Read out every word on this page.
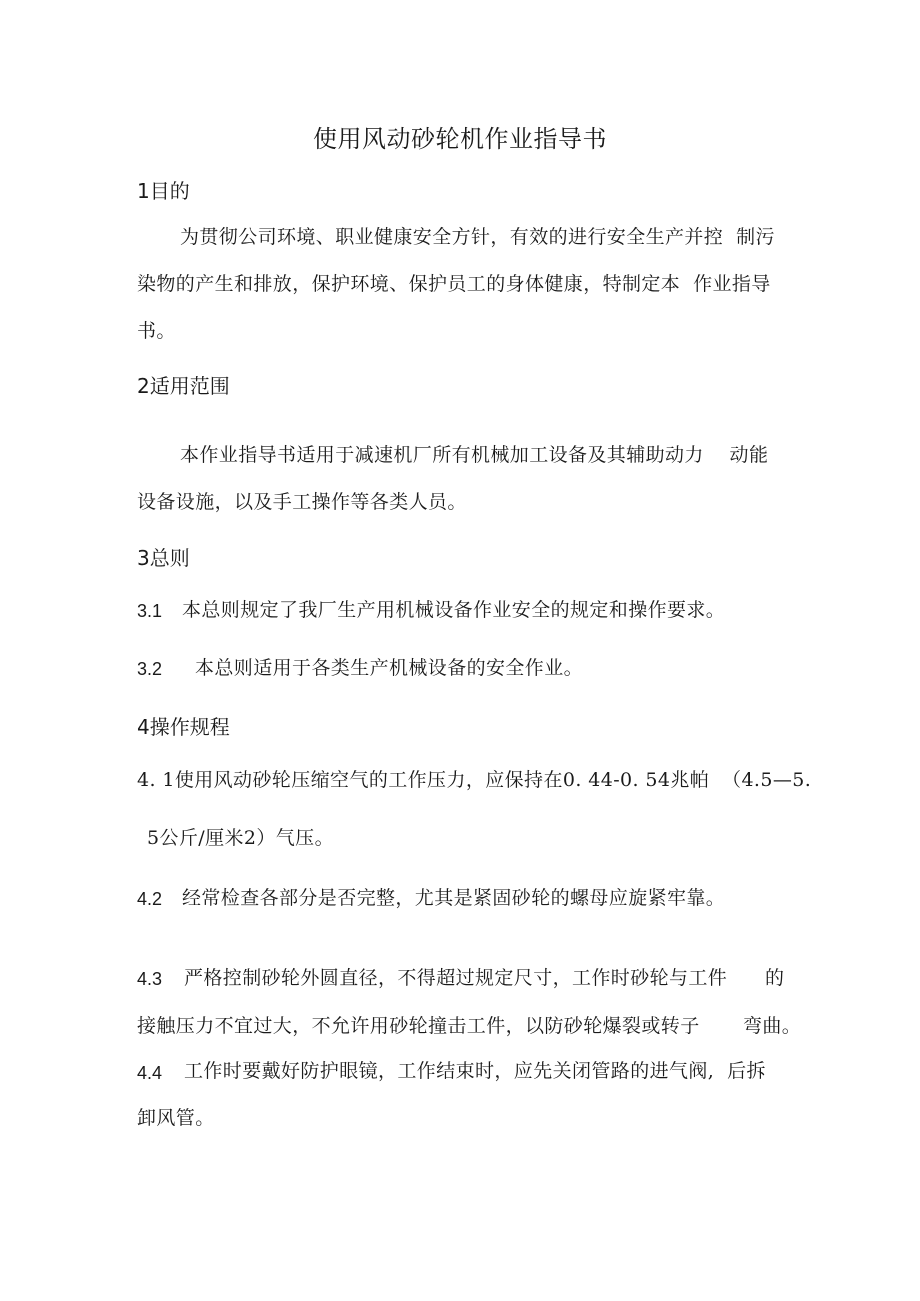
使用风动砂轮机作业指导书
1目的
为贯彻公司环境、职业健康安全方针，有效的进行安全生产并控  制污
染物的产生和排放，保护环境、保护员工的身体健康，特制定本  作业指导
书。
2适用范围
本作业指导书适用于减速机厂所有机械加工设备及其辅助动力    动能
设备设施，以及手工操作等各类人员。
3总则
3.1 本总则规定了我厂生产用机械设备作业安全的规定和操作要求。
3.2 本总则适用于各类生产机械设备的安全作业。
4操作规程
4. 1使用风动砂轮压缩空气的工作压力，应保持在0. 44-0. 54兆帕  （4.5—5.
5公斤/厘米2）气压。
4.2 经常检查各部分是否完整，尤其是紧固砂轮的螺母应旋紧牢靠。
4.3 严格控制砂轮外圆直径，不得超过规定尺寸，工作时砂轮与工件 的
接触压力不宜过大，不允许用砂轮撞击工件，以防砂轮爆裂或转子 弯曲。
4.4 工作时要戴好防护眼镜，工作结束时，应先关闭管路的进气阀,  后拆
卸风管。
